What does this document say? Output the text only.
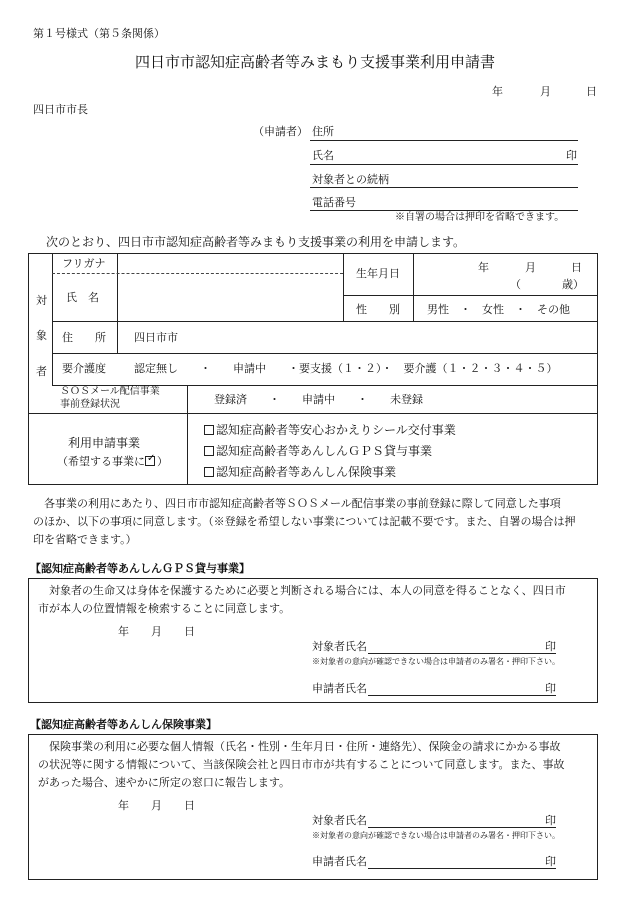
第１号様式（第５条関係）
四日市市認知症高齢者等みまもり支援事業利用申請書
年	月	日
四日市市長
（申請者） 住所
氏名	印
対象者との続柄
電話番号
※自署の場合は押印を省略できます。
次のとおり、四日市市認知症高齢者等みまもり支援事業の利用を申請します。
対
象
者
フリガナ
氏　名
生年月日	年	月	日
（	歳）
性　　別 男性　・　女性　・　その他
住　　所	四日市市
要介護度	認定無し　　・　　申請中　　・要支援（１・２）・　要介護（１・２・３・４・５）
ＳＯＳメール配信事業
事前登録状況	登録済　　・　　申請中　　・　　未登録
利用申請事業
（希望する事業に ✓ ）
認知症高齢者等安心おかえりシール交付事業
認知症高齢者等あんしんＧＰＳ貸与事業
認知症高齢者等あんしん保険事業
　各事業の利用にあたり、四日市市認知症高齢者等ＳＯＳメール配信事業の事前登録に際して同意した事項
のほか、以下の事項に同意します。（※登録を希望しない事業については記載不要です。また、自署の場合は押
印を省略できます。）
【認知症高齢者等あんしんＧＰＳ貸与事業】
　対象者の生命又は身体を保護するために必要と判断される場合には、本人の同意を得ることなく、四日市
市が本人の位置情報を検索することに同意します。
年　　月　　日
対象者氏名	印
※対象者の意向が確認できない場合は申請者のみ署名・押印下さい。
申請者氏名	印
【認知症高齢者等あんしん保険事業】
　保険事業の利用に必要な個人情報（氏名・性別・生年月日・住所・連絡先）、保険金の請求にかかる事故
の状況等に関する情報について、当該保険会社と四日市市が共有することについて同意します。また、事故
があった場合、速やかに所定の窓口に報告します。
年　　月　　日
対象者氏名	印
※対象者の意向が確認できない場合は申請者のみ署名・押印下さい。
申請者氏名	印
